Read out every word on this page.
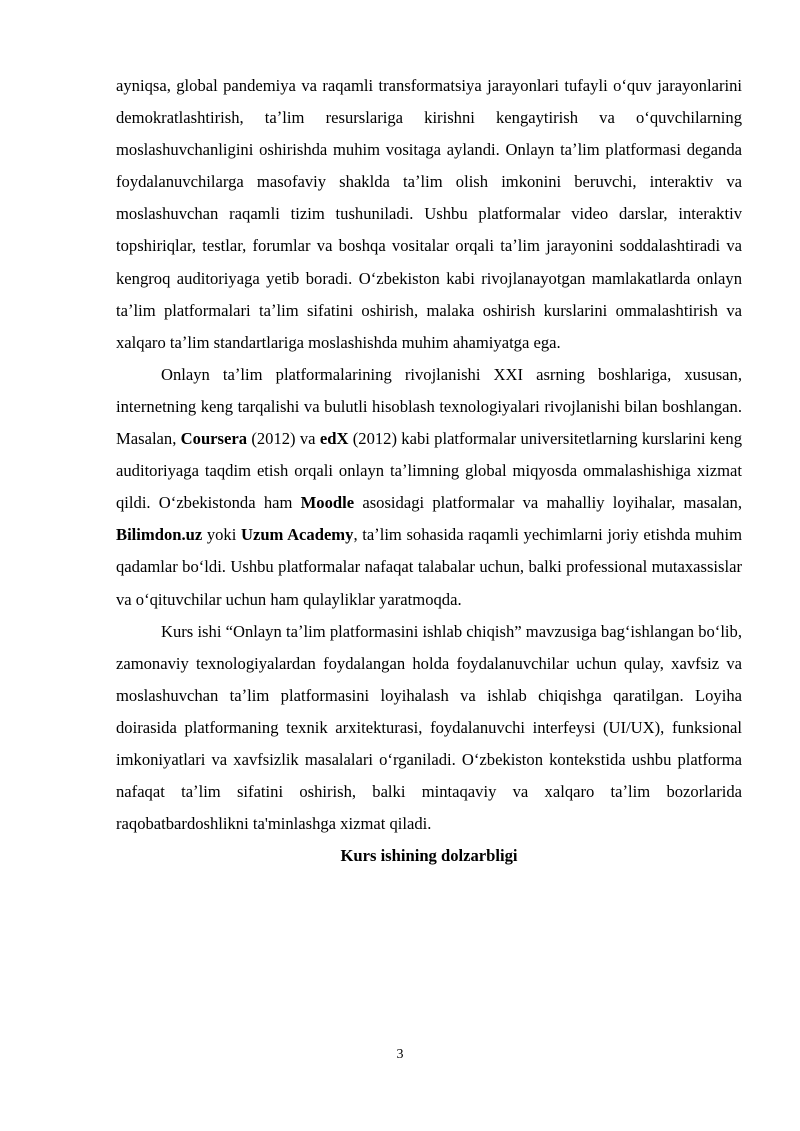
ayniqsa, global pandemiya va raqamli transformatsiya jarayonlari tufayli oʻquv jarayonlarini demokratlashtirish, taʼlim resurslariga kirishni kengaytirish va oʻquvchilarning moslashuvchanligini oshirishda muhim vositaga aylandi. Onlayn taʼlim platformasi deganda foydalanuvchilarga masofaviy shaklda taʼlim olish imkonini beruvchi, interaktiv va moslashuvchan raqamli tizim tushuniladi. Ushbu platformalar video darslar, interaktiv topshiriqlar, testlar, forumlar va boshqa vositalar orqali taʼlim jarayonini soddalashtiradi va kengroq auditoriyaga yetib boradi. Oʻzbekiston kabi rivojlanayotgan mamlakatlarda onlayn taʼlim platformalari taʼlim sifatini oshirish, malaka oshirish kurslarini ommalashtirish va xalqaro taʼlim standartlariga moslashishda muhim ahamiyatga ega.

Onlayn taʼlim platformalarining rivojlanishi XXI asrning boshlariga, xususan, internetning keng tarqalishi va bulutli hisoblash texnologiyalari rivojlanishi bilan boshlangan. Masalan, Coursera (2012) va edX (2012) kabi platformalar universitetlarning kurslarini keng auditoriyaga taqdim etish orqali onlayn taʼlimning global miqyosda ommalashishiga xizmat qildi. Oʻzbekistonda ham Moodle asosidagi platformalar va mahalliy loyihalar, masalan, Bilimdon.uz yoki Uzum Academy, taʼlim sohasida raqamli yechimlarni joriy etishda muhim qadamlar boʻldi. Ushbu platformalar nafaqat talabalar uchun, balki professional mutaxassislar va oʻqituvchilar uchun ham qulayliklar yaratmoqda.

Kurs ishi “Onlayn taʼlim platformasini ishlab chiqish” mavzusiga bagʻishlangan boʻlib, zamonaviy texnologiyalardan foydalangan holda foydalanuvchilar uchun qulay, xavfsiz va moslashuvchan taʼlim platformasini loyihalash va ishlab chiqishga qaratilgan. Loyiha doirasida platformaning texnik arxitekturasi, foydalanuvchi interfeysi (UI/UX), funksional imkoniyatlari va xavfsizlik masalalari oʻrganiladi. Oʻzbekiston kontekstida ushbu platforma nafaqat taʼlim sifatini oshirish, balki mintaqaviy va xalqaro taʼlim bozorlarida raqobatbardoshlikni ta'minlashga xizmat qiladi.

Kurs ishining dolzarbligi

3
